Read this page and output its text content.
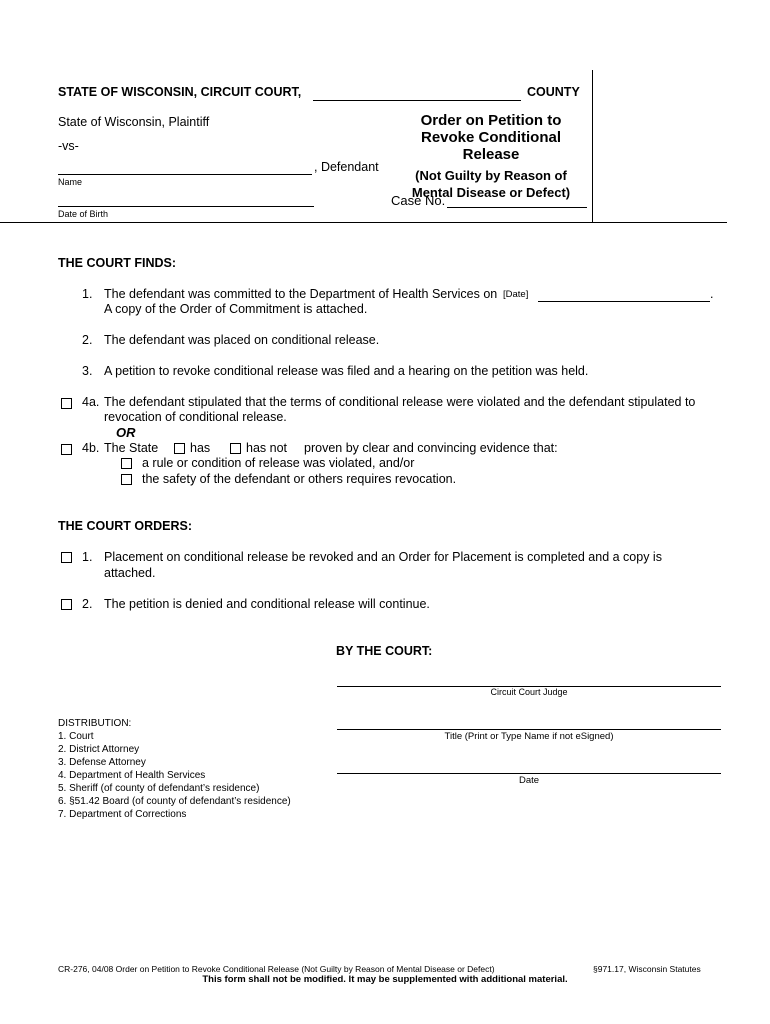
STATE OF WISCONSIN, CIRCUIT COURT,	COUNTY
State of Wisconsin, Plaintiff
-vs-
, Defendant
Name
Date of Birth
Order on Petition to Revoke Conditional Release
(Not Guilty by Reason of Mental Disease or Defect)
Case No.
THE COURT FINDS:
1. The defendant was committed to the Department of Health Services on [Date]	.
A copy of the Order of Commitment is attached.
2. The defendant was placed on conditional release.
3. A petition to revoke conditional release was filed and a hearing on the petition was held.
4a. The defendant stipulated that the terms of conditional release were violated and the defendant stipulated to
revocation of conditional release.
OR
4b. The State	has	has not proven by clear and convincing evidence that:
a rule or condition of release was violated, and/or
the safety of the defendant or others requires revocation.
THE COURT ORDERS:
1. Placement on conditional release be revoked and an Order for Placement is completed and a copy is
attached.
2. The petition is denied and conditional release will continue.
BY THE COURT:
Circuit Court Judge
Title (Print or Type Name if not eSigned)
Date
DISTRIBUTION:
1. Court
2. District Attorney
3. Defense Attorney
4. Department of Health Services
5. Sheriff (of county of defendant’s residence)
6. §51.42 Board (of county of defendant’s residence)
7. Department of Corrections
CR-276, 04/08 Order on Petition to Revoke Conditional Release (Not Guilty by Reason of Mental Disease or Defect)	§971.17, Wisconsin Statutes
This form shall not be modified. It may be supplemented with additional material.
